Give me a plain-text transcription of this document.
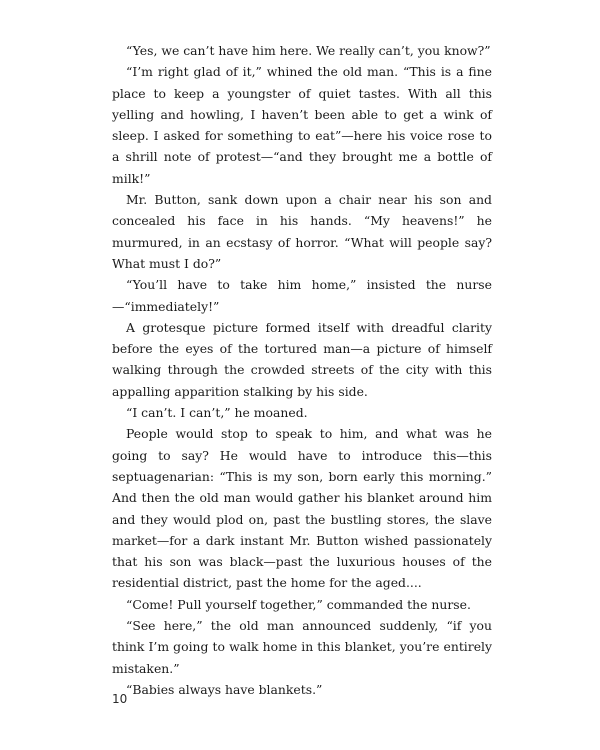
“Yes, we can’t have him here. We really can’t, you know?”

“I’m right glad of it,” whined the old man. “This is a fine place to keep a youngster of quiet tastes. With all this yelling and howling, I haven’t been able to get a wink of sleep. I asked for something to eat”—here his voice rose to a shrill note of protest—“and they brought me a bottle of milk!”

Mr. Button, sank down upon a chair near his son and concealed his face in his hands. “My heavens!” he murmured, in an ecstasy of horror. “What will people say? What must I do?”

“You’ll have to take him home,” insisted the nurse—“immediately!”

A grotesque picture formed itself with dreadful clarity before the eyes of the tortured man—a picture of himself walking through the crowded streets of the city with this appalling apparition stalking by his side.

“I can’t. I can’t,” he moaned.

People would stop to speak to him, and what was he going to say? He would have to introduce this—this septuagenarian: “This is my son, born early this morning.” And then the old man would gather his blanket around him and they would plod on, past the bustling stores, the slave market—for a dark instant Mr. Button wished passionately that his son was black—past the luxurious houses of the residential district, past the home for the aged....

“Come! Pull yourself together,” commanded the nurse.

“See here,” the old man announced suddenly, “if you think I’m going to walk home in this blanket, you’re entirely mistaken.”

“Babies always have blankets.”

10
